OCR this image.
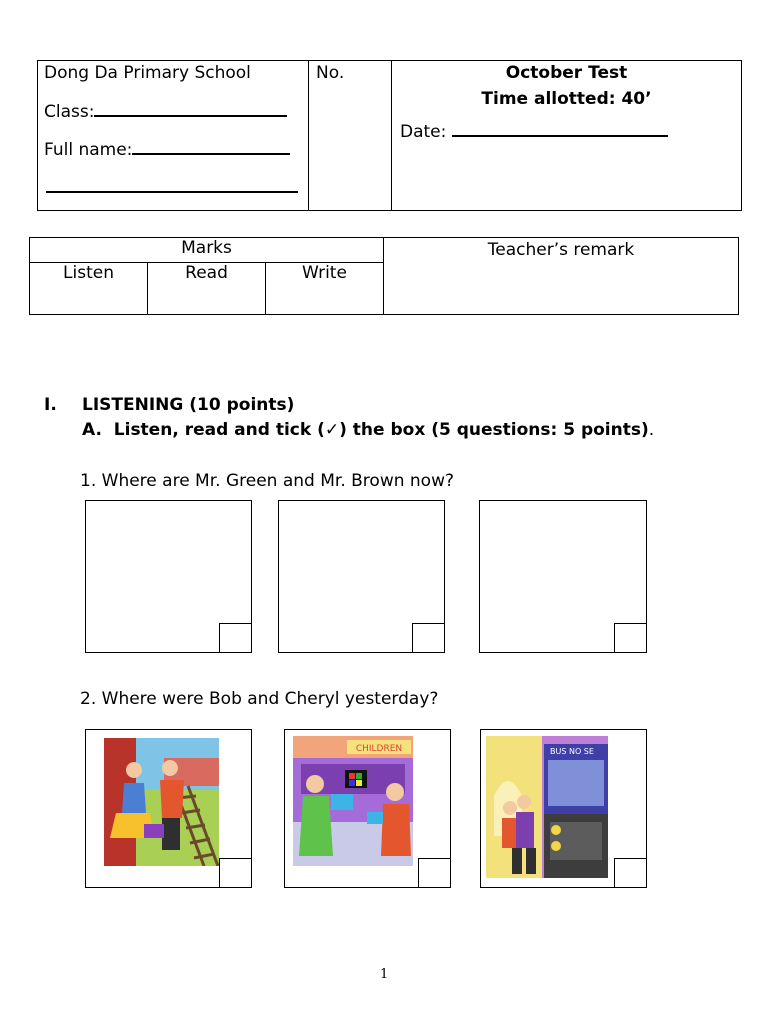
Dong Da Primary School
Class:
Full name:

No.	October Test
Time allotted: 40’
Date:
Marks			Teacher’s remark

Listen	Read	Write	
I. LISTENING (10 points)
A. Listen, read and tick (✓) the box (5 questions: 5 points).
1. Where are Mr. Green and Mr. Brown now?
2. Where were Bob and Cheryl yesterday?
CHILDREN	BUS NO SE
1
